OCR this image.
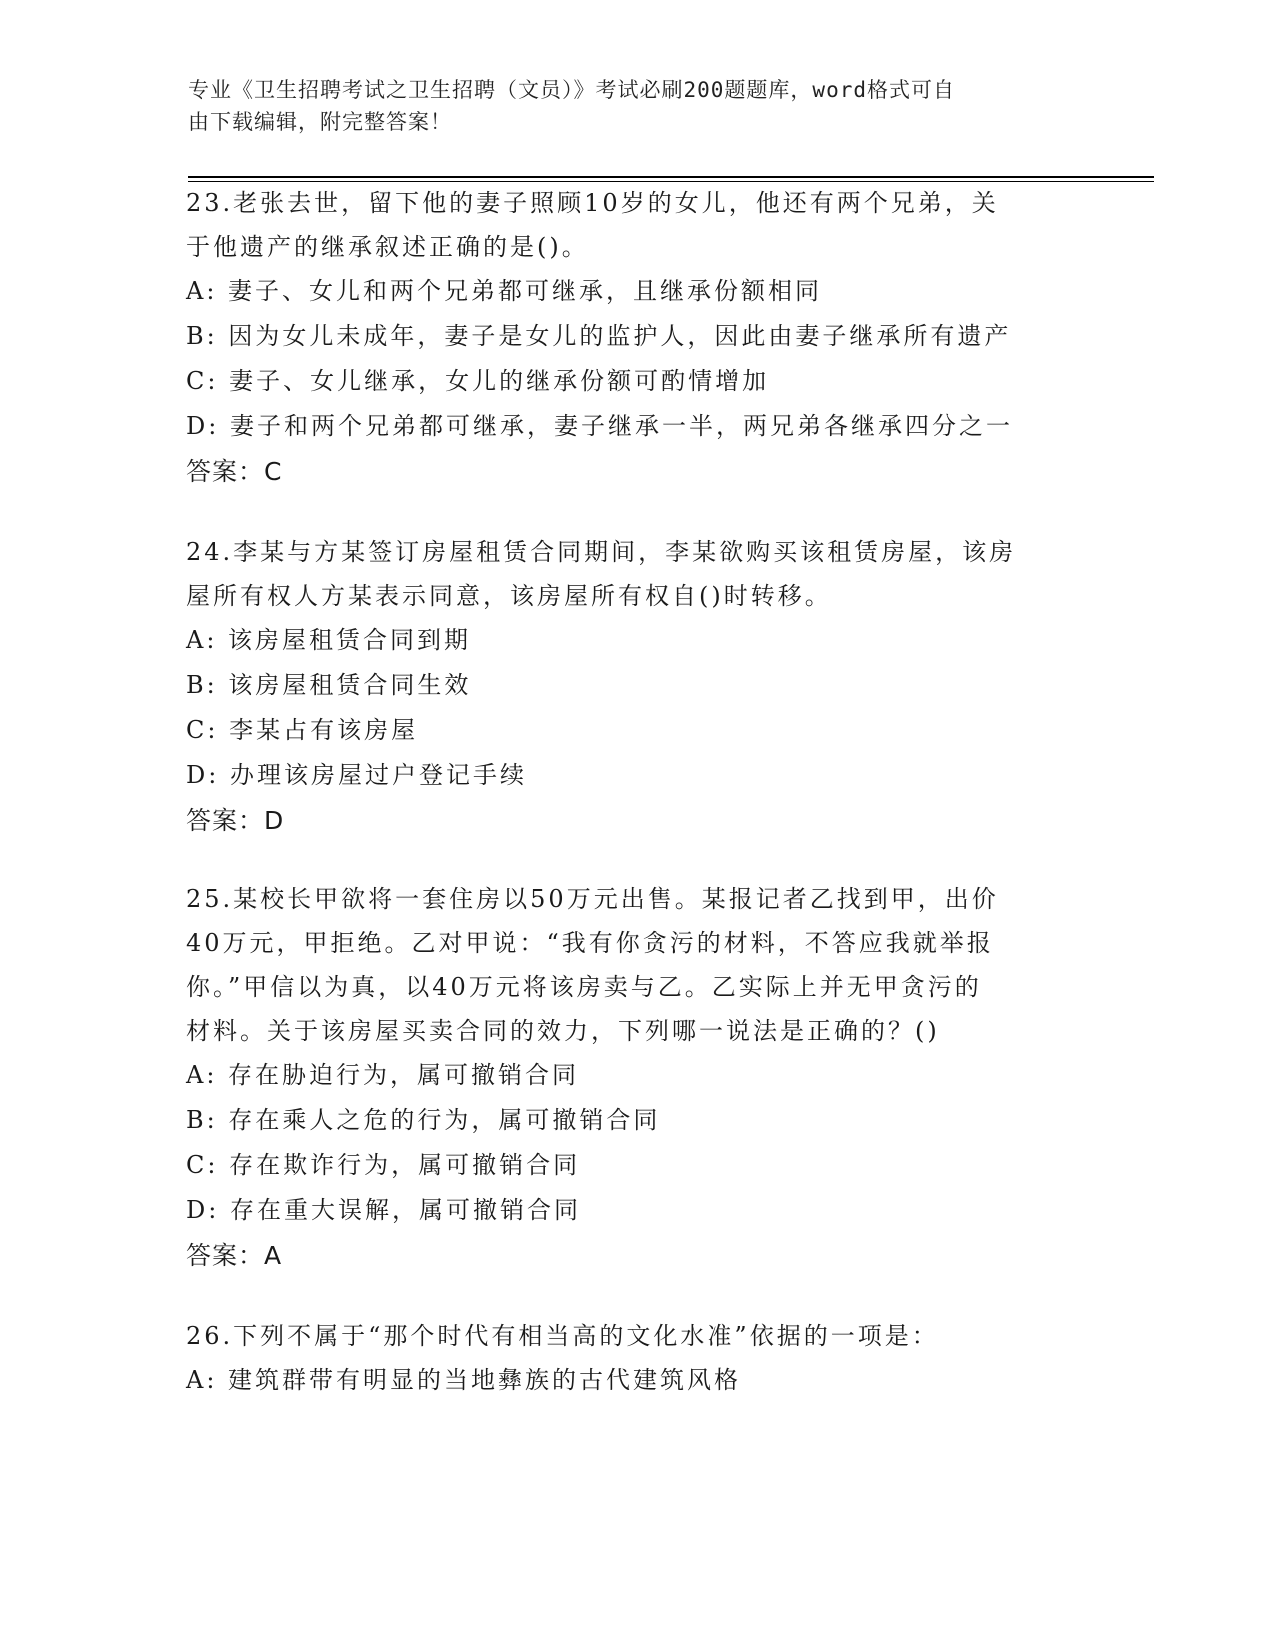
专业《卫生招聘考试之卫生招聘（文员）》考试必刷200题题库，word格式可自
由下载编辑，附完整答案！

23.老张去世，留下他的妻子照顾10岁的女儿，他还有两个兄弟，关

于他遗产的继承叙述正确的是()。

A: 妻子、女儿和两个兄弟都可继承，且继承份额相同

B: 因为女儿未成年，妻子是女儿的监护人，因此由妻子继承所有遗产

C: 妻子、女儿继承，女儿的继承份额可酌情增加

D: 妻子和两个兄弟都可继承，妻子继承一半，两兄弟各继承四分之一

答案：C

24.李某与方某签订房屋租赁合同期间，李某欲购买该租赁房屋，该房

屋所有权人方某表示同意，该房屋所有权自()时转移。

A: 该房屋租赁合同到期

B: 该房屋租赁合同生效

C: 李某占有该房屋

D: 办理该房屋过户登记手续

答案：D

25.某校长甲欲将一套住房以50万元出售。某报记者乙找到甲，出价

40万元，甲拒绝。乙对甲说：“我有你贪污的材料，不答应我就举报

你。”甲信以为真，以40万元将该房卖与乙。乙实际上并无甲贪污的

材料。关于该房屋买卖合同的效力，下列哪一说法是正确的？()

A: 存在胁迫行为，属可撤销合同

B: 存在乘人之危的行为，属可撤销合同

C: 存在欺诈行为，属可撤销合同

D: 存在重大误解，属可撤销合同

答案：A

26.下列不属于“那个时代有相当高的文化水准”依据的一项是：

A: 建筑群带有明显的当地彝族的古代建筑风格
